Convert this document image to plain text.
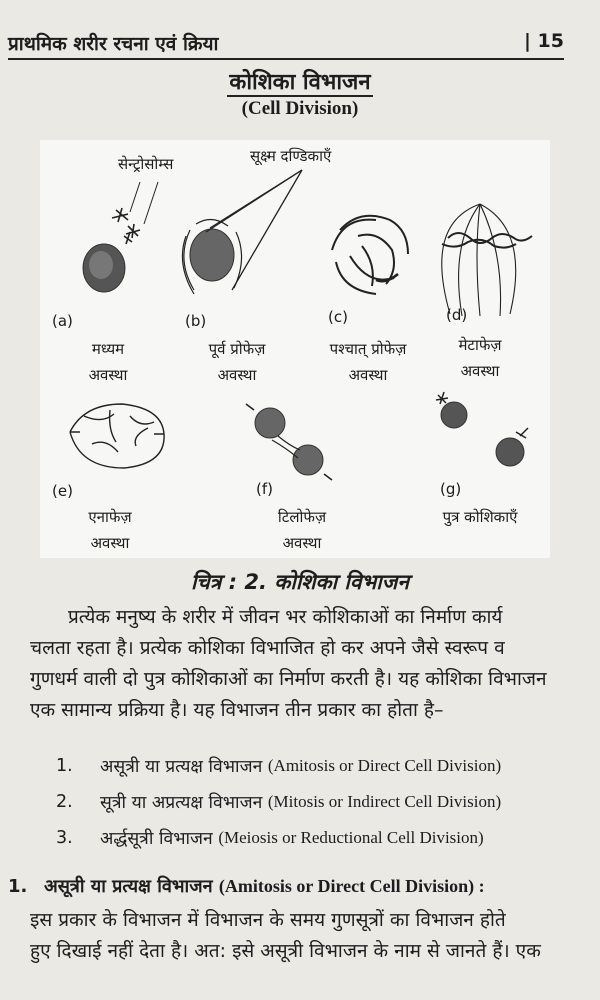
प्राथमिक शरीर रचना एवं क्रिया	| 15
कोशिका विभाजन
(Cell Division)
सेन्ट्रोसोम्स	सूक्ष्म दण्डिकाएँ
(a)
मध्यम
अवस्था
(b)
पूर्व प्रोफेज़
अवस्था
(c)
पश्चात् प्रोफेज़
अवस्था
(d)
मेटाफेज़
अवस्था
(e)
एनाफेज़
अवस्था
(f)
टिलोफेज़
अवस्था
(g)
पुत्र कोशिकाएँ
चित्र : 2. कोशिका विभाजन

प्रत्येक मनुष्य के शरीर में जीवन भर कोशिकाओं का निर्माण कार्य

चलता रहता है। प्रत्येक कोशिका विभाजित हो कर अपने जैसे स्वरूप व

गुणधर्म वाली दो पुत्र कोशिकाओं का निर्माण करती है। यह कोशिका विभाजन

एक सामान्य प्रक्रिया है। यह विभाजन तीन प्रकार का होता है–

1.	असूत्री या प्रत्यक्ष विभाजन
(Amitosis or Direct Cell Division)
2.	सूत्री या अप्रत्यक्ष विभाजन
(Mitosis or Indirect Cell Division)
3.	अर्द्धसूत्री विभाजन
(Meiosis or Reductional Cell Division)
1. असूत्री या प्रत्यक्ष विभाजन (Amitosis or Direct Cell Division) :

इस प्रकार के विभाजन में विभाजन के समय गुणसूत्रों का विभाजन होते

हुए दिखाई नहीं देता है। अत: इसे असूत्री विभाजन के नाम से जानते हैं। एक
